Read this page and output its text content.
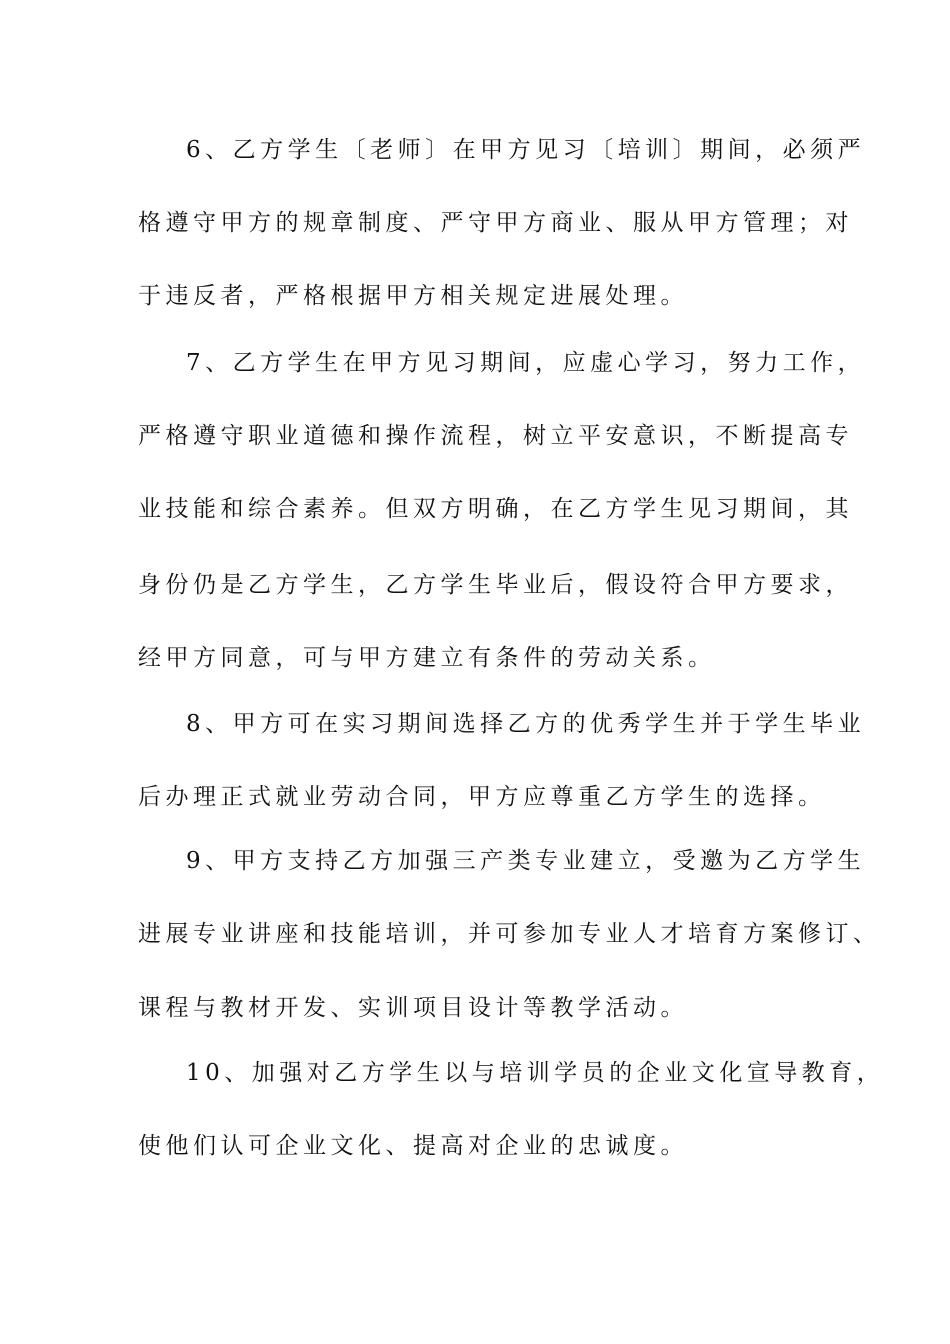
6、乙方学生〔老师〕在甲方见习〔培训〕期间，必须严
格遵守甲方的规章制度、严守甲方商业、服从甲方管理；对
于违反者，严格根据甲方相关规定进展处理。
7、乙方学生在甲方见习期间，应虚心学习，努力工作，
严格遵守职业道德和操作流程，树立平安意识，不断提高专
业技能和综合素养。但双方明确，在乙方学生见习期间，其
身份仍是乙方学生，乙方学生毕业后，假设符合甲方要求，
经甲方同意，可与甲方建立有条件的劳动关系。
8、甲方可在实习期间选择乙方的优秀学生并于学生毕业
后办理正式就业劳动合同，甲方应尊重乙方学生的选择。
9、甲方支持乙方加强三产类专业建立，受邀为乙方学生
进展专业讲座和技能培训，并可参加专业人才培育方案修订、
课程与教材开发、实训项目设计等教学活动。
10、加强对乙方学生以与培训学员的企业文化宣导教育，
使他们认可企业文化、提高对企业的忠诚度。
